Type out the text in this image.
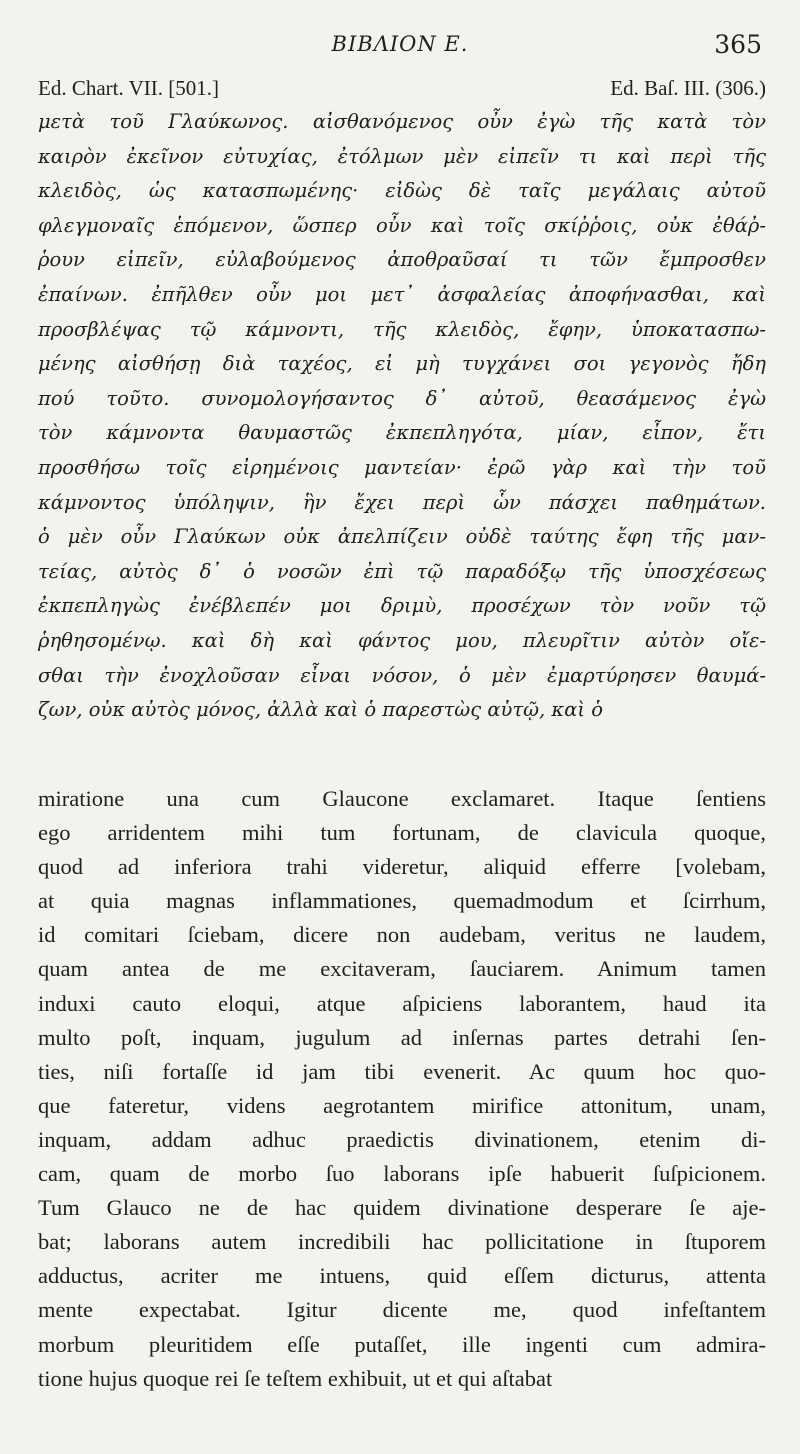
BIBΛΙΟΝ Ε.	365
Ed. Chart. VII. [501.]	Ed. Baſ. III. (306.)
μετὰ τοῦ Γλαύκωνος. αἰσθανόμενος οὖν ἐγὼ τῆς κατὰ τὸν
καιρὸν ἐκεῖνον εὐτυχίας, ἐτόλμων μὲν εἰπεῖν τι καὶ περὶ τῆς
κλειδὸς, ὡς κατασπωμένης· εἰδὼς δὲ ταῖς μεγάλαις αὐτοῦ
φλεγμοναῖς ἑπόμενον, ὥσπερ οὖν καὶ τοῖς σκίῤῥοις, οὐκ ἐθάῤ-
ῥουν εἰπεῖν, εὐλαβούμενος ἀποθραῦσαί τι τῶν ἔμπροσθεν
ἐπαίνων. ἐπῆλθεν οὖν μοι μετ᾽ ἀσφαλείας ἀποφήνασθαι, καὶ
προσβλέψας τῷ κάμνοντι, τῆς κλειδὸς, ἔφην, ὑποκατασπω-
μένης αἰσθήσῃ διὰ ταχέος, εἰ μὴ τυγχάνει σοι γεγονὸς ἤδη
πού τοῦτο. συνομολογήσαντος δ᾽ αὐτοῦ, θεασάμενος ἐγὼ
τὸν κάμνοντα θαυμαστῶς ἐκπεπληγότα, μίαν, εἶπον, ἔτι
προσθήσω τοῖς εἰρημένοις μαντείαν· ἐρῶ γὰρ καὶ τὴν τοῦ
κάμνοντος ὑπόληψιν, ἣν ἔχει περὶ ὧν πάσχει παθημάτων.
ὁ μὲν οὖν Γλαύκων οὐκ ἀπελπίζειν οὐδὲ ταύτης ἔφη τῆς μαν-
τείας, αὐτὸς δ᾽ ὁ νοσῶν ἐπὶ τῷ παραδόξῳ τῆς ὑποσχέσεως
ἐκπεπληγὼς ἐνέβλεπέν μοι δριμὺ, προσέχων τὸν νοῦν τῷ
ῥηθησομένῳ. καὶ δὴ καὶ φάντος μου, πλευρῖτιν αὐτὸν οἴε-
σθαι τὴν ἐνοχλοῦσαν εἶναι νόσον, ὁ μὲν ἐμαρτύρησεν θαυμά-
ζων, οὐκ αὐτὸς μόνος, ἀλλὰ καὶ ὁ παρεστὼς αὐτῷ, καὶ ὁ
miratione una cum Glaucone exclamaret. Itaque ſentiens
ego arridentem mihi tum fortunam, de clavicula quoque,
quod ad inferiora trahi videretur, aliquid efferre [volebam,
at quia magnas inflammationes, quemadmodum et ſcirrhum,
id comitari ſciebam, dicere non audebam, veritus ne laudem,
quam antea de me excitaveram, ſauciarem. Animum tamen
induxi cauto eloqui, atque aſpiciens laborantem, haud ita
multo poſt, inquam, jugulum ad inſernas partes detrahi ſen-
ties, niſi fortaſſe id jam tibi evenerit. Ac quum hoc quo-
que fateretur, videns aegrotantem mirifice attonitum, unam,
inquam, addam adhuc praedictis divinationem, etenim di-
cam, quam de morbo ſuo laborans ipſe habuerit ſuſpicionem.
Tum Glauco ne de hac quidem divinatione desperare ſe aje-
bat; laborans autem incredibili hac pollicitatione in ſtuporem
adductus, acriter me intuens, quid eſſem dicturus, attenta
mente expectabat. Igitur dicente me, quod infeſtantem
morbum pleuritidem eſſe putaſſet, ille ingenti cum admira-
tione hujus quoque rei ſe teſtem exhibuit, ut et qui aſtabat
